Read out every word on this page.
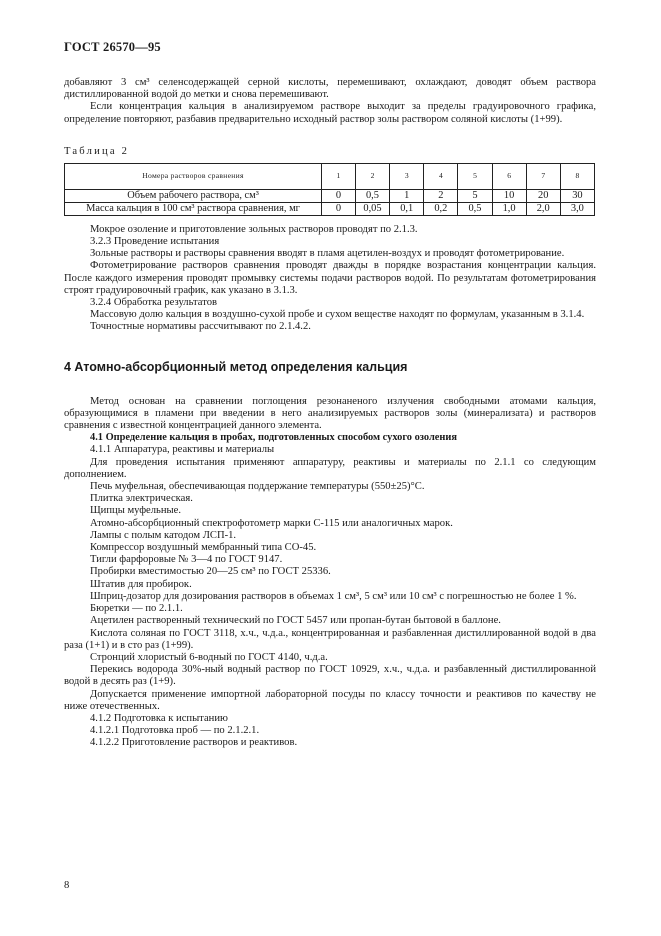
ГОСТ 26570—95

добавляют 3 см³ селенсодержащей серной кислоты, перемешивают, охлаждают, доводят объем раствора дистиллированной водой до метки и снова перемешивают.

Если концентрация кальция в анализируемом растворе выходит за пределы градуировочного графика, определение повторяют, разбавив предварительно исходный раствор золы раствором соляной кислоты (1+99).

Таблица 2
Номера растворов сравнения	1	2	3	4	5	6	7	8
Объем рабочего раствора, см³	0	0,5	1	2	5	10	20	30
Масса кальция в 100 см³ раствора сравнения, мг	0	0,05	0,1	0,2	0,5	1,0	2,0	3,0

Мокрое озоление и приготовление зольных растворов проводят по 2.1.3.

3.2.3 Проведение испытания

Зольные растворы и растворы сравнения вводят в пламя ацетилен-воздух и проводят фотометрирование.

Фотометрирование растворов сравнения проводят дважды в порядке возрастания концентрации кальция. После каждого измерения проводят промывку системы подачи растворов водой. По результатам фотометрирования строят градуировочный график, как указано в 3.1.3.

3.2.4 Обработка результатов

Массовую долю кальция в воздушно-сухой пробе и сухом веществе находят по формулам, указанным в 3.1.4.

Точностные нормативы рассчитывают по 2.1.4.2.

4 Атомно-абсорбционный метод определения кальция

Метод основан на сравнении поглощения резонаненого излучения свободными атомами кальция, образующимися в пламени при введении в него анализируемых растворов золы (минерализата) и растворов сравнения с известной концентрацией данного элемента.

4.1 Определение кальция в пробах, подготовленных способом сухого озоления

4.1.1 Аппаратура, реактивы и материалы

Для проведения испытания применяют аппаратуру, реактивы и материалы по 2.1.1 со следующим дополнением.

Печь муфельная, обеспечивающая поддержание температуры (550±25)°С.

Плитка электрическая.

Щипцы муфельные.

Атомно-абсорбционный спектрофотометр марки С-115 или аналогичных марок.

Лампы с полым катодом ЛСП-1.

Компрессор воздушный мембранный типа СО-45.

Тигли фарфоровые № 3—4 по ГОСТ 9147.

Пробирки вместимостью 20—25 см³ по ГОСТ 25336.

Штатив для пробирок.

Шприц-дозатор для дозирования растворов в объемах 1 см³, 5 см³ или 10 см³ с погрешностью не более 1 %.

Бюретки — по 2.1.1.

Ацетилен растворенный технический по ГОСТ 5457 или пропан-бутан бытовой в баллоне.

Кислота соляная по ГОСТ 3118, х.ч., ч.д.а., концентрированная и разбавленная дистиллированной водой в два раза (1+1) и в сто раз (1+99).

Стронций хлористый 6-водный по ГОСТ 4140, ч.д.а.

Перекись водорода 30%-ный водный раствор по ГОСТ 10929, х.ч., ч.д.а. и разбавленный дистиллированной водой в десять раз (1+9).

Допускается применение импортной лабораторной посуды по классу точности и реактивов по качеству не ниже отечественных.

4.1.2 Подготовка к испытанию

4.1.2.1 Подготовка проб — по 2.1.2.1.

4.1.2.2 Приготовление растворов и реактивов.

8
